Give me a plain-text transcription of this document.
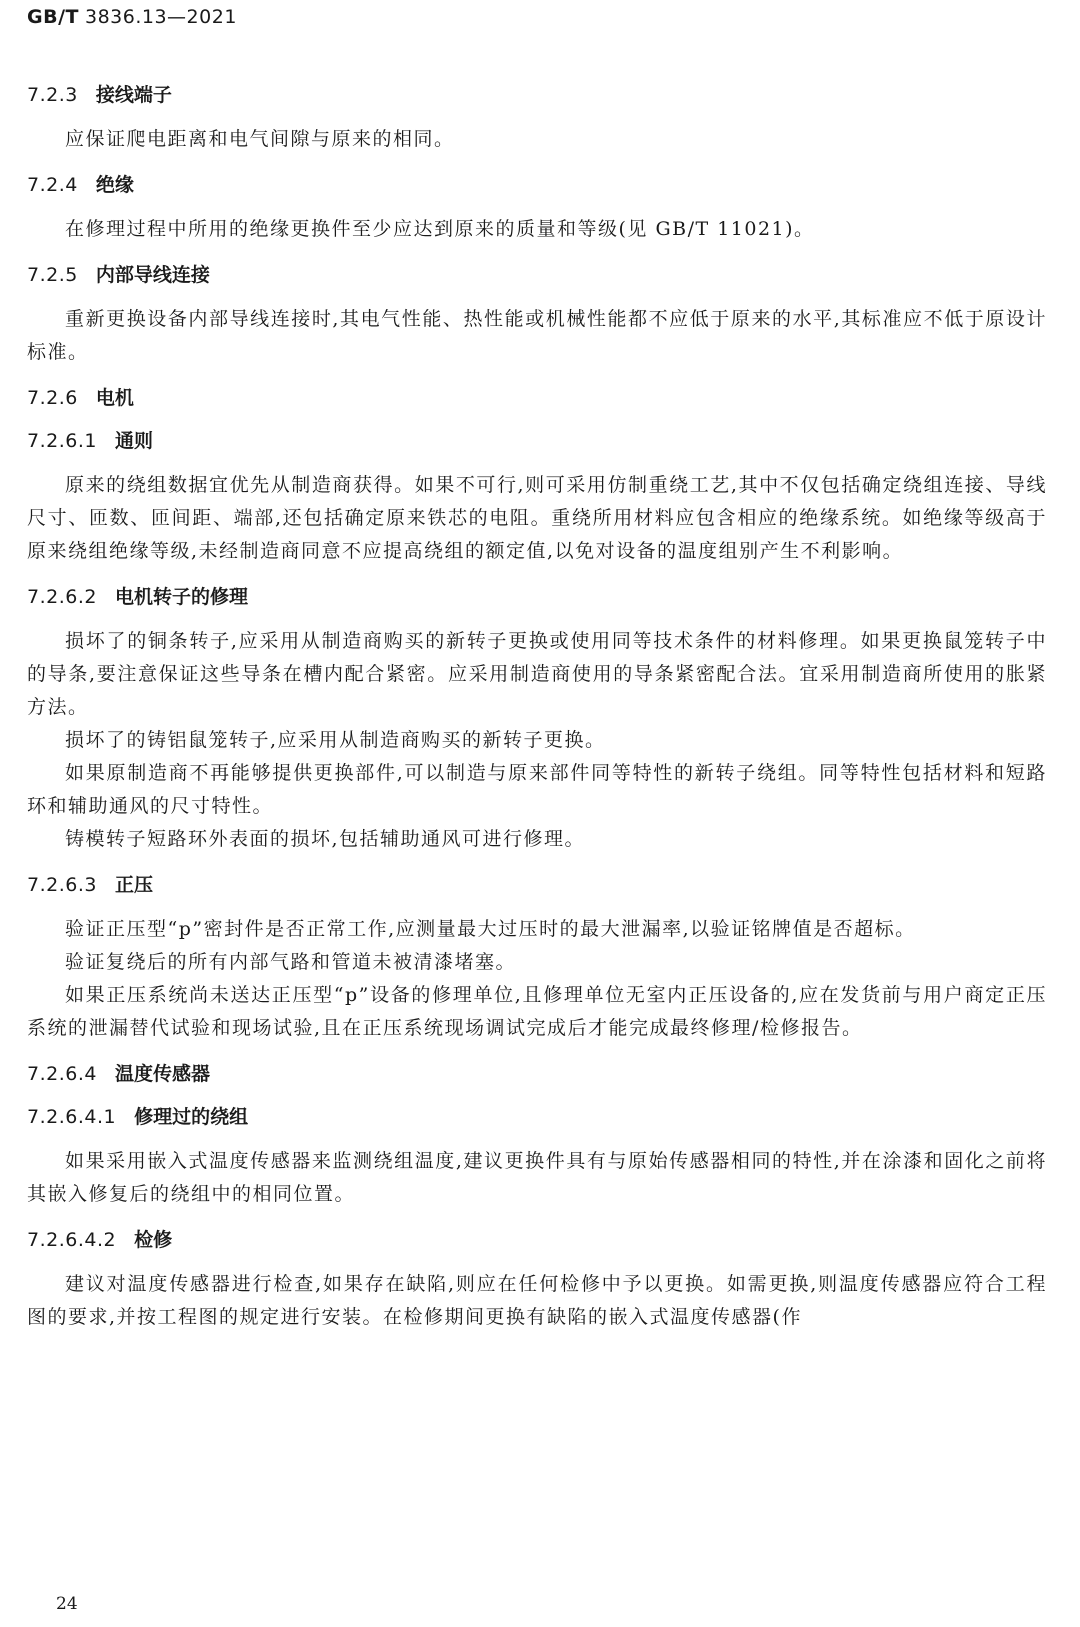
GB/T 3836.13—2021
7.2.3 接线端子

应保证爬电距离和电气间隙与原来的相同。

7.2.4 绝缘

在修理过程中所用的绝缘更换件至少应达到原来的质量和等级(见 GB/T 11021)。

7.2.5 内部导线连接

重新更换设备内部导线连接时,其电气性能、热性能或机械性能都不应低于原来的水平,其标准应不低于原设计标准。

7.2.6 电机
7.2.6.1 通则

原来的绕组数据宜优先从制造商获得。如果不可行,则可采用仿制重绕工艺,其中不仅包括确定绕组连接、导线尺寸、匝数、匝间距、端部,还包括确定原来铁芯的电阻。重绕所用材料应包含相应的绝缘系统。如绝缘等级高于原来绕组绝缘等级,未经制造商同意不应提高绕组的额定值,以免对设备的温度组别产生不利影响。

7.2.6.2 电机转子的修理

损坏了的铜条转子,应采用从制造商购买的新转子更换或使用同等技术条件的材料修理。如果更换鼠笼转子中的导条,要注意保证这些导条在槽内配合紧密。应采用制造商使用的导条紧密配合法。宜采用制造商所使用的胀紧方法。

损坏了的铸铝鼠笼转子,应采用从制造商购买的新转子更换。

如果原制造商不再能够提供更换部件,可以制造与原来部件同等特性的新转子绕组。同等特性包括材料和短路环和辅助通风的尺寸特性。

铸模转子短路环外表面的损坏,包括辅助通风可进行修理。

7.2.6.3 正压

验证正压型“p”密封件是否正常工作,应测量最大过压时的最大泄漏率,以验证铭牌值是否超标。

验证复绕后的所有内部气路和管道未被清漆堵塞。

如果正压系统尚未送达正压型“p”设备的修理单位,且修理单位无室内正压设备的,应在发货前与用户商定正压系统的泄漏替代试验和现场试验,且在正压系统现场调试完成后才能完成最终修理/检修报告。

7.2.6.4 温度传感器
7.2.6.4.1 修理过的绕组

如果采用嵌入式温度传感器来监测绕组温度,建议更换件具有与原始传感器相同的特性,并在涂漆和固化之前将其嵌入修复后的绕组中的相同位置。

7.2.6.4.2 检修

建议对温度传感器进行检查,如果存在缺陷,则应在任何检修中予以更换。如需更换,则温度传感器应符合工程图的要求,并按工程图的规定进行安装。在检修期间更换有缺陷的嵌入式温度传感器(作

24
